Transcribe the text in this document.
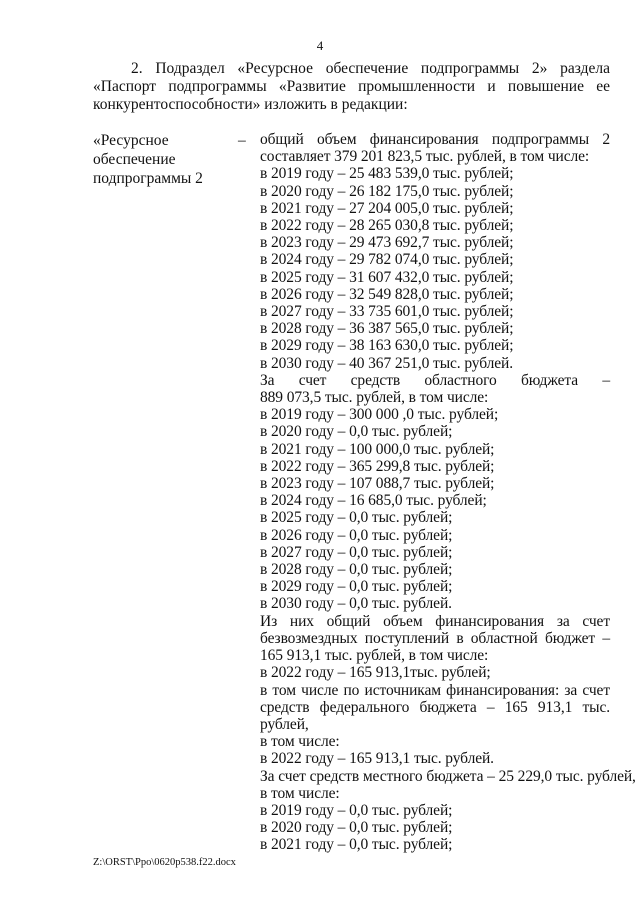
4
2. Подраздел «Ресурсное обеспечение подпрограммы 2» раздела
«Паспорт подпрограммы «Развитие промышленности и повышение ее
конкурентоспособности» изложить в редакции:
«Ресурсное
обеспечение
подпрограммы 2
– общий объем финансирования подпрограммы 2
составляет 379 201 823,5 тыс. рублей, в том числе:
в 2019 году – 25 483 539,0 тыс. рублей;
в 2020 году – 26 182 175,0 тыс. рублей;
в 2021 году – 27 204 005,0 тыс. рублей;
в 2022 году – 28 265 030,8 тыс. рублей;
в 2023 году – 29 473 692,7 тыс. рублей;
в 2024 году – 29 782 074,0 тыс. рублей;
в 2025 году – 31 607 432,0 тыс. рублей;
в 2026 году – 32 549 828,0 тыс. рублей;
в 2027 году – 33 735 601,0 тыс. рублей;
в 2028 году – 36 387 565,0 тыс. рублей;
в 2029 году – 38 163 630,0 тыс. рублей;
в 2030 году – 40 367 251,0 тыс. рублей.
За счет средств областного бюджета –
889 073,5 тыс. рублей, в том числе:
в 2019 году – 300 000 ,0 тыс. рублей;
в 2020 году – 0,0 тыс. рублей;
в 2021 году – 100 000,0 тыс. рублей;
в 2022 году – 365 299,8 тыс. рублей;
в 2023 году – 107 088,7 тыс. рублей;
в 2024 году – 16 685,0 тыс. рублей;
в 2025 году – 0,0 тыс. рублей;
в 2026 году – 0,0 тыс. рублей;
в 2027 году – 0,0 тыс. рублей;
в 2028 году – 0,0 тыс. рублей;
в 2029 году – 0,0 тыс. рублей;
в 2030 году – 0,0 тыс. рублей.
Из них общий объем финансирования за счет
безвозмездных поступлений в областной бюджет –
165 913,1 тыс. рублей, в том числе:
в 2022 году – 165 913,1тыс. рублей;
в том числе по источникам финансирования: за счет
средств федерального бюджета – 165 913,1 тыс. рублей,
в том числе:
в 2022 году – 165 913,1 тыс. рублей.
За счет средств местного бюджета – 25 229,0 тыс. рублей,
в том числе:
в 2019 году – 0,0 тыс. рублей;
в 2020 году – 0,0 тыс. рублей;
в 2021 году – 0,0 тыс. рублей;
Z:\ORST\Ppo\0620p538.f22.docx
